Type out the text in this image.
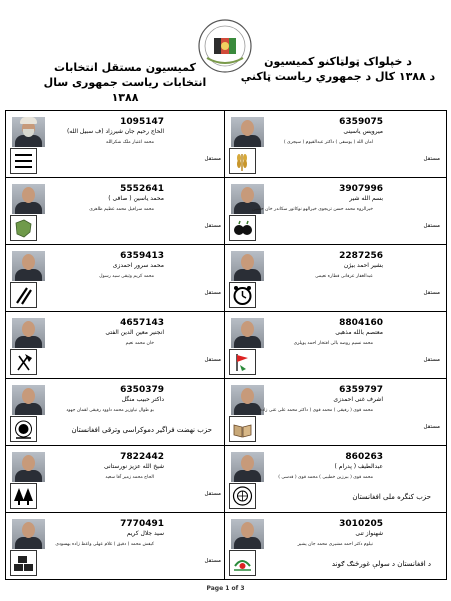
کمیسیون مستقل انتخابات
انتخابات ریاست جمهوری سال ۱۳۸۸
د خپلواک ټولټاکنو کمیسیون
د ۱۳۸۸ کال د جمهوري رياست ټاکنې
1095147
الحاج رحیم جان شیرزاد (ف سبیل الله)
محمد اعتبار ملک شکرالله
مستقل
6359075
میرویس یاسینی
امان الله ( یوسفی ) داکتر عبدالقیوم ( سپجری )
مستقل
5552641
محمد یاسین ( صافی )
محمد سرافیل محمد عظیم ظاهری
مستقل
3907996
بسم الله شیر
خیرالزوه محمد حسن تریجوی خیرالهو نوکاتور سکاندر خان حسین
مستقل
6359413
محمد سرور احمدزی
محمد کریم وثیقی سید رسول
مستقل
2287256
بشیر احمد بیژن
عبدالغفار عرفانی قطاره نعیمی
مستقل
4657143
انجنیر معین الدین الفتی
خان محمد نعیم
مستقل
8804160
معتصم بالله مذهبی
محمد نسیم روضه بالی افتخار احمد پوپلزی
مستقل
6350379
داکتر حبیب منگل
بو طوال نیاوزیز محمد داوود رفیقی لقمان جهود
حزب نهضت فراگیر دموکراسی وترقی افغانستان
6359797
اشرف غنی احمدزی
محمد قوی ( رفیقی ) محمد قوی ( داکتر محمد علی غنی زاده
مستقل
7822442
شیخ الله عزیز نورستانی
الحاج محمد زمیر آقا سعید
مستقل
860263
عبدالطیف ( پدرام )
محمد قوی ( ببرزین خطیبی ) محمد قوی ( قدسی )
حزب کنگره ملی افغانستان
7770491
سید جلال کریم
کیفش محمد ( دقیق ) غلام عهلی واعظ زاده بهسودی
مستقل
3010205
شهنواز تنی
نیلوم دکتر احمد مشیری محمد جان پشیز
د افغانستان د سولې غورځنګ ګوند
Page 1 of 3
